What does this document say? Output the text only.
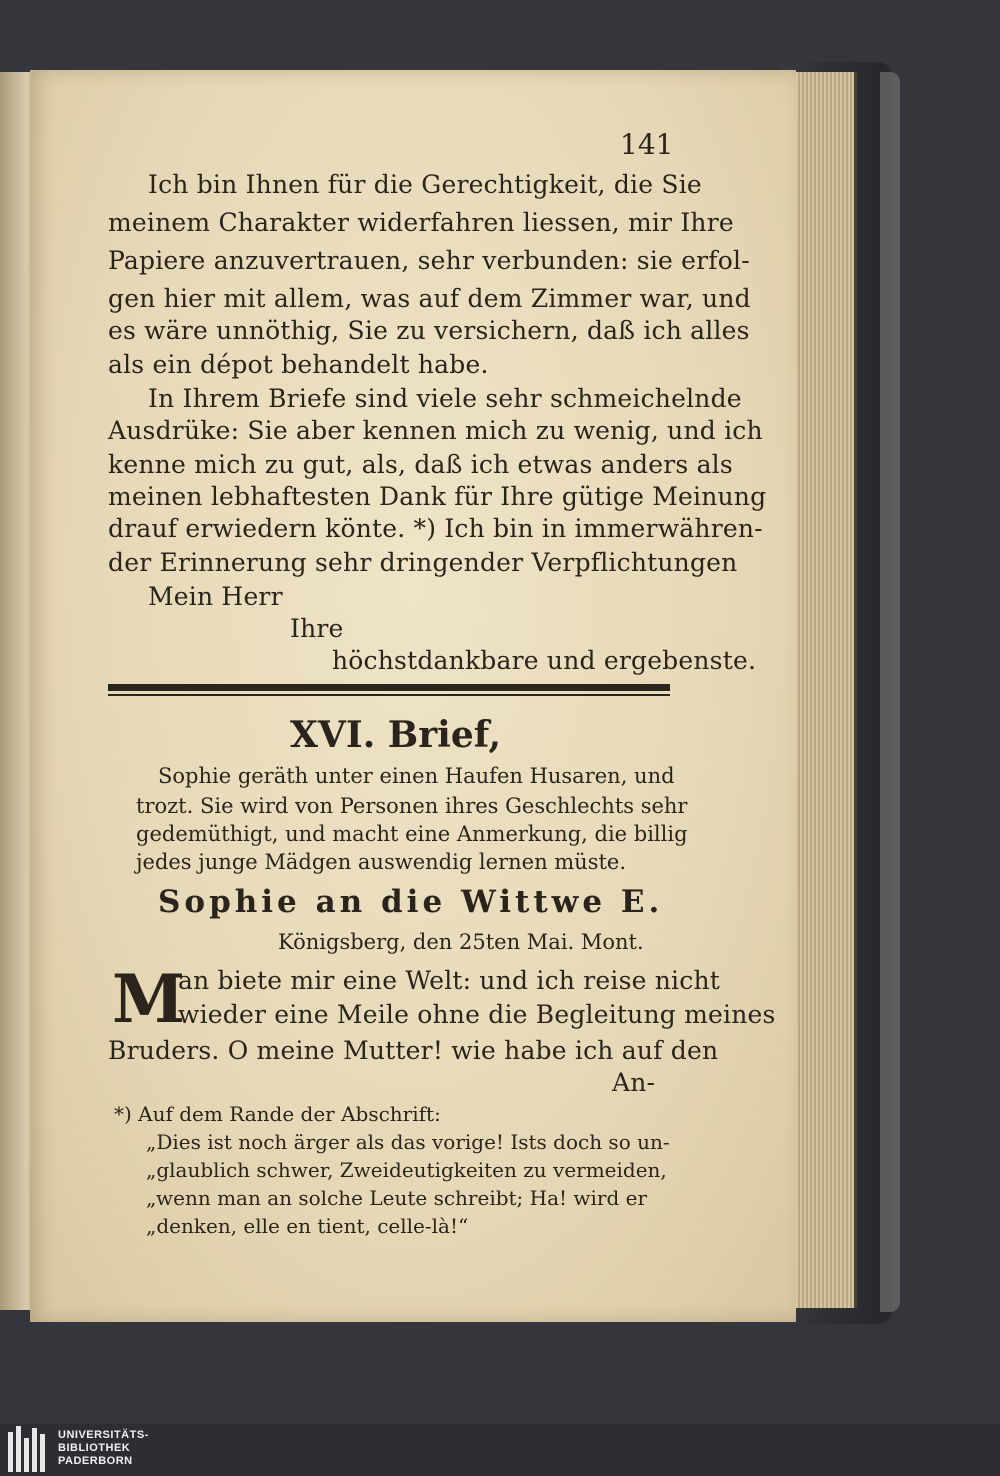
141
Ich bin Ihnen für die Gerechtigkeit, die Sie
meinem Charakter widerfahren liessen, mir Ihre
Papiere anzuvertrauen, sehr verbunden: sie erfol-
gen hier mit allem, was auf dem Zimmer war, und
es wäre unnöthig, Sie zu versichern, daß ich alles
als ein dépot behandelt habe.
In Ihrem Briefe sind viele sehr schmeichelnde
Ausdrüke: Sie aber kennen mich zu wenig, und ich
kenne mich zu gut, als, daß ich etwas anders als
meinen lebhaftesten Dank für Ihre gütige Meinung
drauf erwiedern könte. *) Ich bin in immerwähren-
der Erinnerung sehr dringender Verpflichtungen
Mein Herr
Ihre
höchstdankbare und ergebenste.
XVI. Brief,
Sophie geräth unter einen Haufen Husaren, und
trozt. Sie wird von Personen ihres Geschlechts sehr
gedemüthigt, und macht eine Anmerkung, die billig
jedes junge Mädgen auswendig lernen müste.
Sophie an die Wittwe E.
Königsberg, den 25ten Mai. Mont.
M
an biete mir eine Welt: und ich reise nicht
wieder eine Meile ohne die Begleitung meines
Bruders. O meine Mutter! wie habe ich auf den
An-
*) Auf dem Rande der Abschrift:
„Dies ist noch ärger als das vorige! Ists doch so un-
„glaublich schwer, Zweideutigkeiten zu vermeiden,
„wenn man an solche Leute schreibt; Ha! wird er
„denken, elle en tient, celle-là!“
UNIVERSITÄTS-
BIBLIOTHEK
PADERBORN
